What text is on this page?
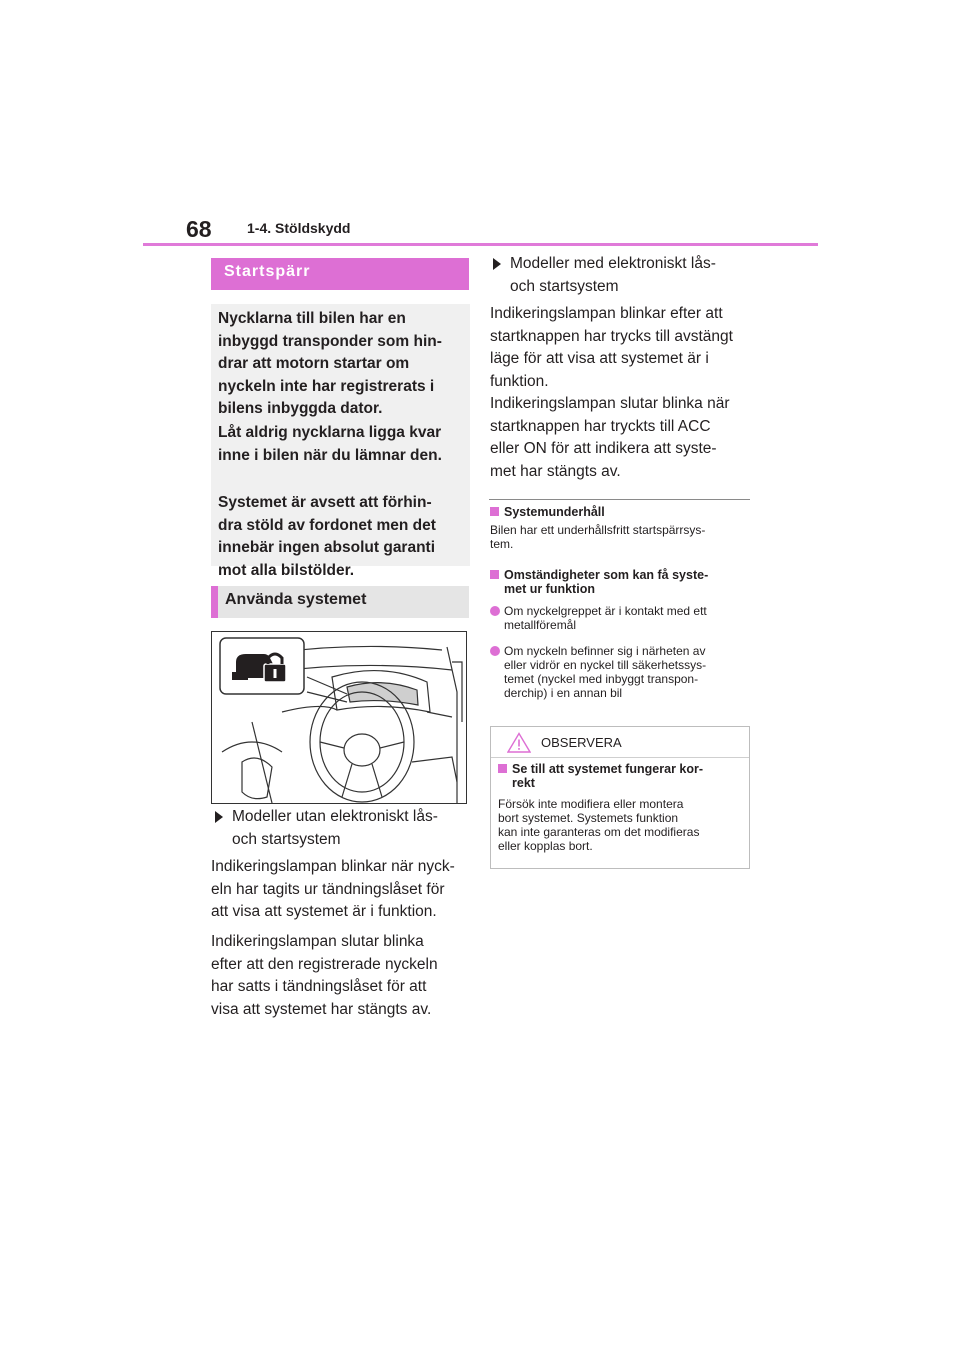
68	1-4. Stöldskydd
Startspärr

Nycklarna till bilen har en
inbyggd transponder som hin-
drar att motorn startar om
nyckeln inte har registrerats i
bilens inbyggda dator.

Låt aldrig nycklarna ligga kvar
inne i bilen när du lämnar den.

Systemet är avsett att förhin-
dra stöld av fordonet men det
innebär ingen absolut garanti
mot alla bilstölder.

Använda systemet
Modeller utan elektroniskt lås-
och startsystem

Indikeringslampan blinkar när nyck-
eln har tagits ur tändningslåset för
att visa att systemet är i funktion.

Indikeringslampan slutar blinka
efter att den registrerade nyckeln
har satts i tändningslåset för att
visa att systemet har stängts av.

Modeller med elektroniskt lås-
och startsystem

Indikeringslampan blinkar efter att
startknappen har trycks till avstängt
läge för att visa att systemet är i
funktion.

Indikeringslampan slutar blinka när
startknappen har tryckts till ACC
eller ON för att indikera att syste-
met har stängts av.

Systemunderhåll

Bilen har ett underhållsfritt startspärrsys-
tem.

Omständigheter som kan få syste-
met ur funktion
Om nyckelgreppet är i kontakt med ett
metallföremål
Om nyckeln befinner sig i närheten av
eller vidrör en nyckel till säkerhetssys-
temet (nyckel med inbyggt transpon-
derchip) i en annan bil
OBSERVERA
Se till att systemet fungerar kor-
rekt

Försök inte modifiera eller montera
bort systemet. Systemets funktion
kan inte garanteras om det modifieras
eller kopplas bort.
